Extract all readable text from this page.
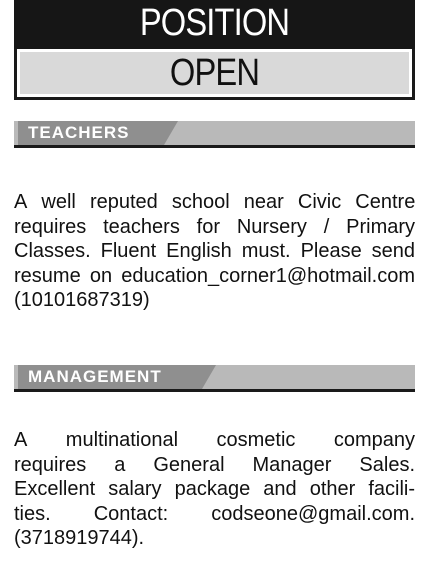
POSITION
OPEN
TEACHERS
A well reputed school near Civic Centre
requires teachers for Nursery / Primary
Classes. Fluent English must. Please send
resume on education_corner1@hotmail.com
(10101687319)
MANAGEMENT
A multinational cosmetic company
requires a General Manager Sales.
Excellent salary package and other facili-
ties. Contact: codseone@gmail.com.
(3718919744).
